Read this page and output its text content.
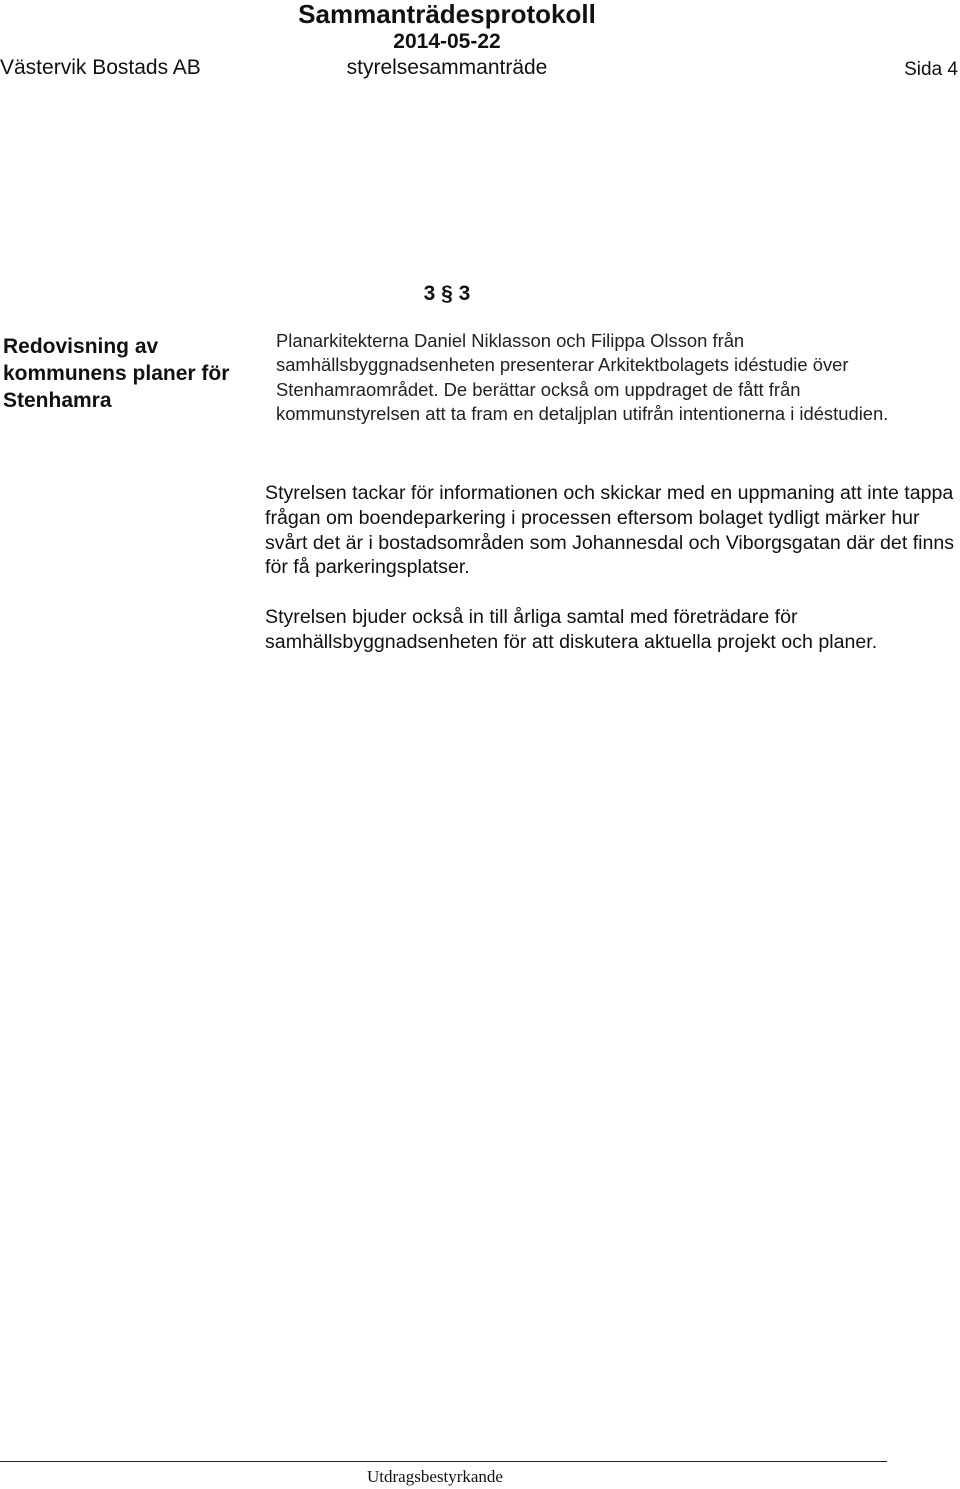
Sammanträdesprotokoll
2014-05-22
Västervik Bostads AB	styrelsesammanträde	Sida 4
3 § 3
Redovisning av kommunens planer för Stenhamra
Planarkitekterna Daniel Niklasson och Filippa Olsson från samhällsbyggnadsenheten presenterar Arkitektbolagets idéstudie över Stenhamraområdet. De berättar också om uppdraget de fått från kommunstyrelsen att ta fram en detaljplan utifrån intentionerna i idéstudien.
Styrelsen tackar för informationen och skickar med en uppmaning att inte tappa frågan om boendeparkering i processen eftersom bolaget tydligt märker hur svårt det är i bostadsområden som Johannesdal och Viborgsgatan där det finns för få parkeringsplatser.
Styrelsen bjuder också in till årliga samtal med företrädare för samhällsbyggnadsenheten för att diskutera aktuella projekt och planer.
Utdragsbestyrkande
